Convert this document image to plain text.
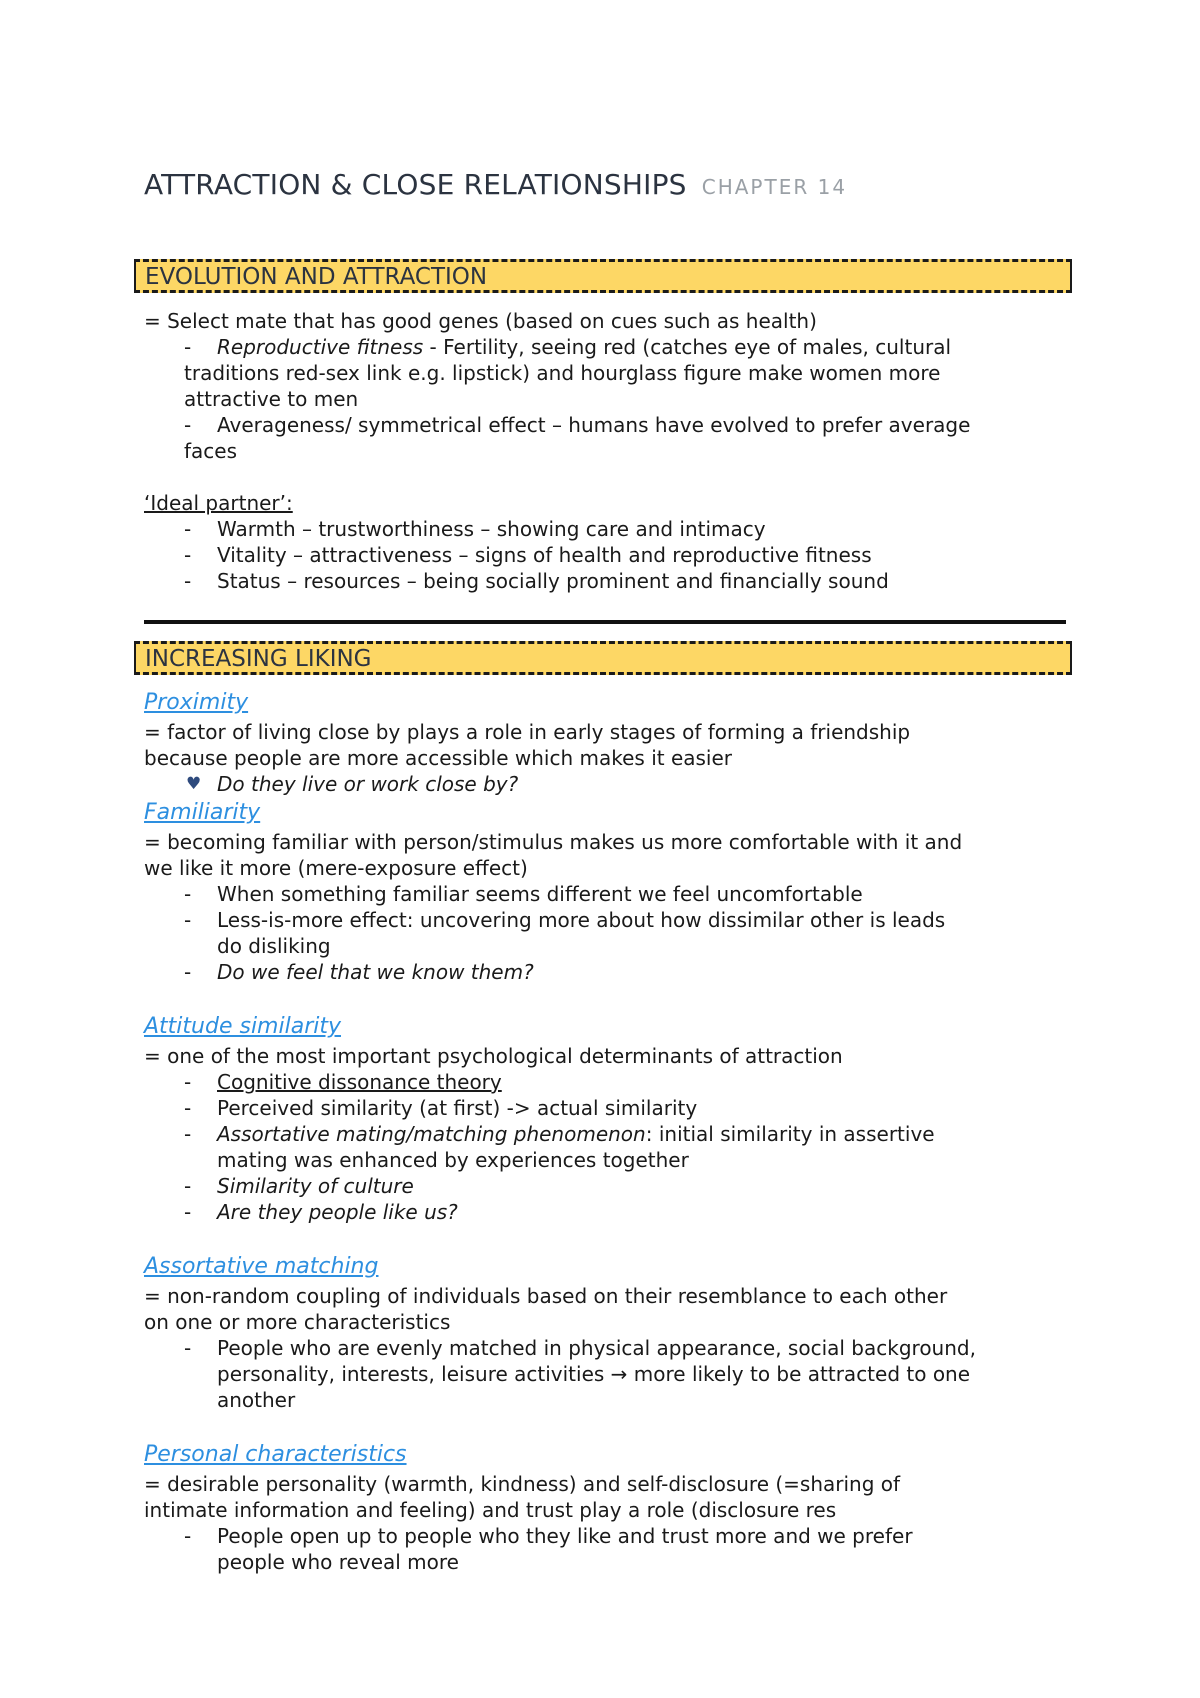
ATTRACTION & CLOSE RELATIONSHIPS CHAPTER 14
EVOLUTION AND ATTRACTION
= Select mate that has good genes (based on cues such as health)
- Reproductive fitness - Fertility, seeing red (catches eye of males, cultural
traditions red-sex link e.g. lipstick) and hourglass figure make women more
attractive to men
- Averageness/ symmetrical effect – humans have evolved to prefer average
faces
‘Ideal partner’:
- Warmth – trustworthiness – showing care and intimacy
- Vitality – attractiveness – signs of health and reproductive fitness
- Status – resources – being socially prominent and financially sound
INCREASING LIKING
Proximity
= factor of living close by plays a role in early stages of forming a friendship
because people are more accessible which makes it easier
♥ Do they live or work close by?
Familiarity
= becoming familiar with person/stimulus makes us more comfortable with it and
we like it more (mere-exposure effect)
- When something familiar seems different we feel uncomfortable
- Less-is-more effect: uncovering more about how dissimilar other is leads
do disliking
- Do we feel that we know them?
Attitude similarity
= one of the most important psychological determinants of attraction
- Cognitive dissonance theory
- Perceived similarity (at first) -> actual similarity
- Assortative mating/matching phenomenon: initial similarity in assertive
mating was enhanced by experiences together
- Similarity of culture
- Are they people like us?
Assortative matching
= non-random coupling of individuals based on their resemblance to each other
on one or more characteristics
- People who are evenly matched in physical appearance, social background,
personality, interests, leisure activities → more likely to be attracted to one
another
Personal characteristics
= desirable personality (warmth, kindness) and self-disclosure (=sharing of
intimate information and feeling) and trust play a role (disclosure res
- People open up to people who they like and trust more and we prefer
people who reveal more
